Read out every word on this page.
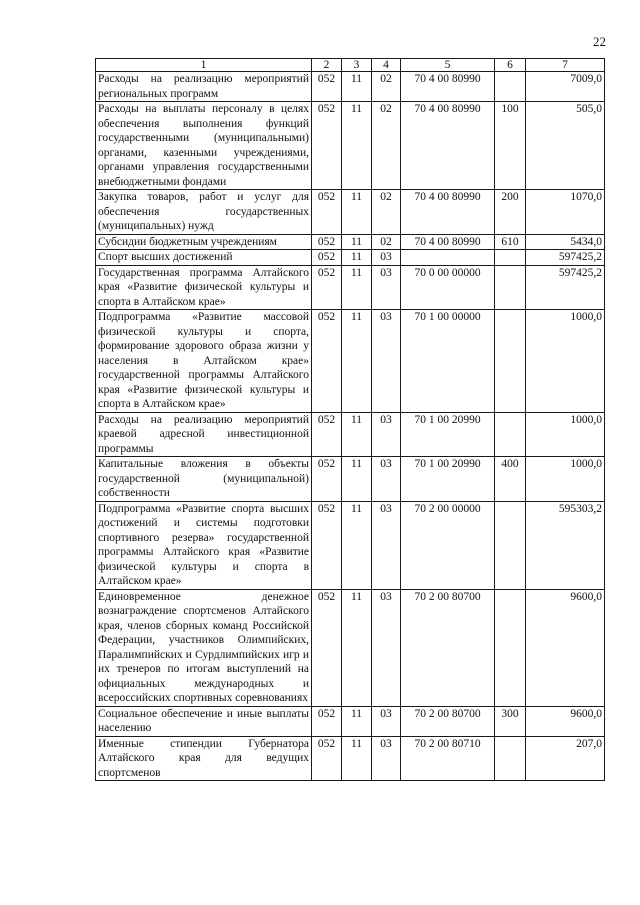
22
1	2	3	4	5	6	7
Расходы на реализацию мероприятий региональных программ	052	11	02	70 4 00 80990		7009,0
Расходы на выплаты персоналу в целях обеспечения выполнения функций государственными (муниципальными) органами, казенными учреждениями, органами управления государственными внебюджетными фондами	052	11	02	70 4 00 80990	100	505,0
Закупка товаров, работ и услуг для обеспечения государственных (муниципальных) нужд	052	11	02	70 4 00 80990	200	1070,0
Субсидии бюджетным учреждениям	052	11	02	70 4 00 80990	610	5434,0
Спорт высших достижений	052	11	03			597425,2
Государственная программа Алтайского края «Развитие физической культуры и спорта в Алтайском крае»	052	11	03	70 0 00 00000		597425,2
Подпрограмма «Развитие массовой физической культуры и спорта, формирование здорового образа жизни у населения в Алтайском крае» государственной программы Алтайского края «Развитие физической культуры и спорта в Алтайском крае»	052	11	03	70 1 00 00000		1000,0
Расходы на реализацию мероприятий краевой адресной инвестиционной программы	052	11	03	70 1 00 20990		1000,0
Капитальные вложения в объекты государственной (муниципальной) собственности	052	11	03	70 1 00 20990	400	1000,0
Подпрограмма «Развитие спорта высших достижений и системы подготовки спортивного резерва» государственной программы Алтайского края «Развитие физической культуры и спорта в Алтайском крае»	052	11	03	70 2 00 00000		595303,2
Единовременное денежное вознаграждение спортсменов Алтайского края, членов сборных команд Российской Федерации, участников Олимпийских, Паралимпийских и Сурдлимпийских игр и их тренеров по итогам выступлений на официальных международных и всероссийских спортивных соревнованиях	052	11	03	70 2 00 80700		9600,0
Социальное обеспечение и иные выплаты населению	052	11	03	70 2 00 80700	300	9600,0
Именные стипендии Губернатора Алтайского края для ведущих спортсменов	052	11	03	70 2 00 80710		207,0
